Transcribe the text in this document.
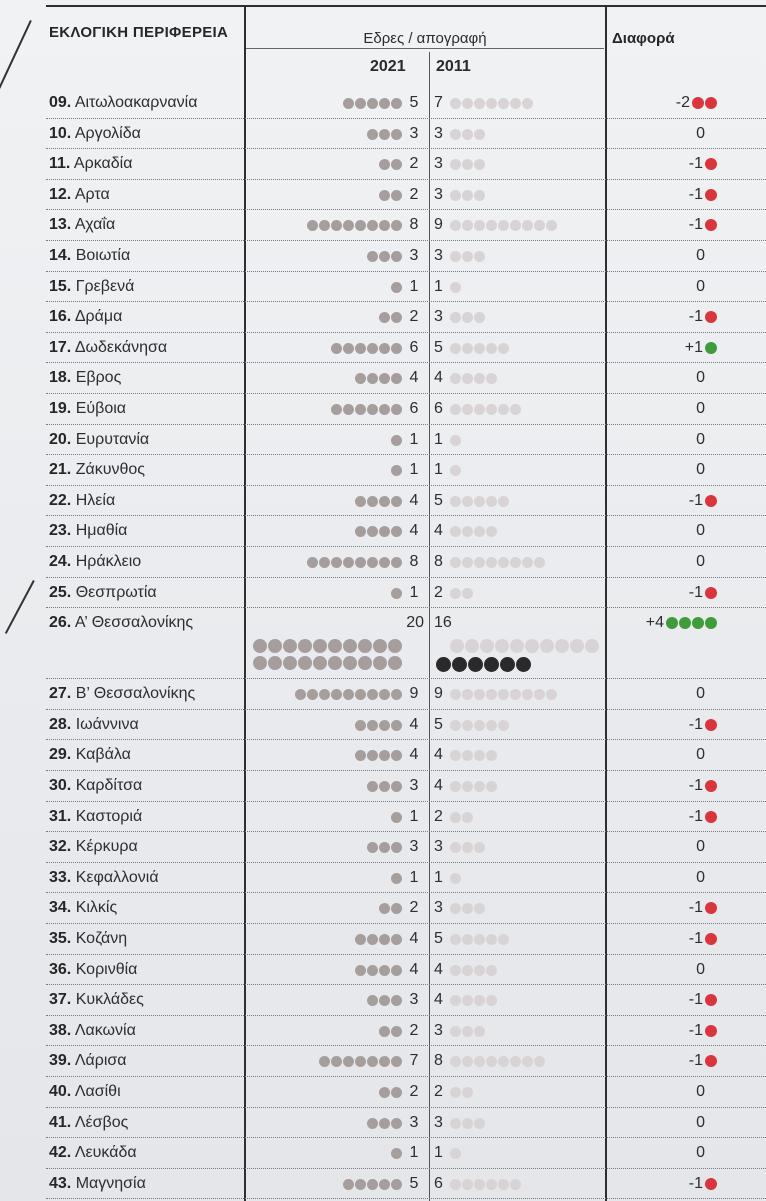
ΕΚΛΟΓΙΚΗ ΠΕΡΙΦΕΡΕΙΑ	Εδρες / απογραφή
2021 2011
Διαφορά
09. Αιτωλοακαρνανία	5 7	-2
10. Αργολίδα	3 3	0
11. Αρκαδία	2 3	-1
12. Αρτα	2 3	-1
13. Αχαΐα	8 9	-1
14. Βοιωτία	3 3	0
15. Γρεβενά	1 1	0
16. Δράμα	2 3	-1
17. Δωδεκάνησα	6 5	+1
18. Εβρος	4 4	0
19. Εύβοια	6 6	0
20. Ευρυτανία	1 1	0
21. Ζάκυνθος	1 1	0
22. Ηλεία	4 5	-1
23. Ημαθία	4 4	0
24. Ηράκλειο	8 8	0
25. Θεσπρωτία	1 2	-1
26. Α’ Θεσσαλονίκης	20 16	+4
27. Β’ Θεσσαλονίκης	9 9	0
28. Ιωάννινα	4 5	-1
29. Καβάλα	4 4	0
30. Καρδίτσα	3 4	-1
31. Καστοριά	1 2	-1
32. Κέρκυρα	3 3	0
33. Κεφαλλονιά	1 1	0
34. Κιλκίς	2 3	-1
35. Κοζάνη	4 5	-1
36. Κορινθία	4 4	0
37. Κυκλάδες	3 4	-1
38. Λακωνία	2 3	-1
39. Λάρισα	7 8	-1
40. Λασίθι	2 2	0
41. Λέσβος	3 3	0
42. Λευκάδα	1 1	0
43. Μαγνησία	5 6	-1
